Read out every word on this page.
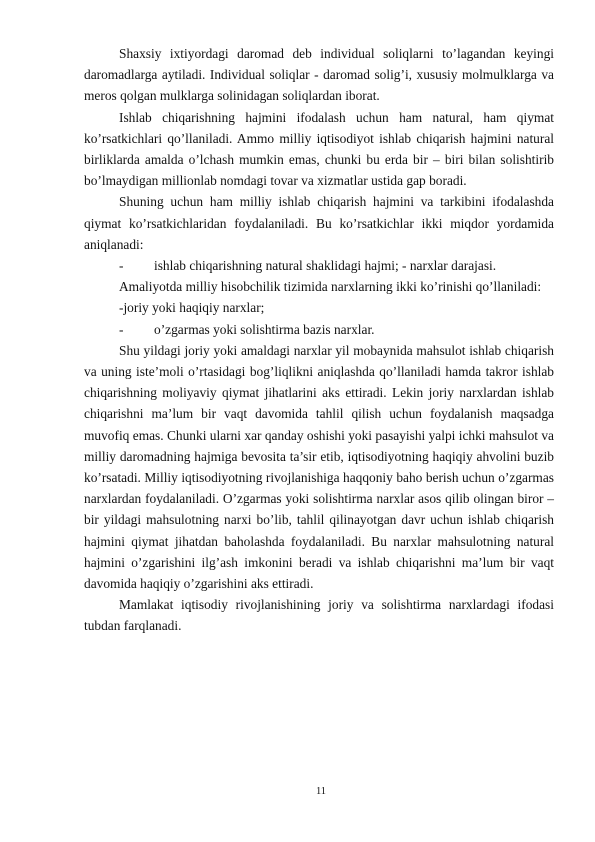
Shaxsiy ixtiyordagi daromad deb individual soliqlarni to’lagandan keyingi daromadlarga aytiladi. Individual soliqlar - daromad solig’i, xususiy molmulklarga va meros qolgan mulklarga solinidagan soliqlardan iborat.

Ishlab chiqarishning hajmini ifodalash uchun ham natural, ham qiymat ko’rsatkichlari qo’llaniladi. Ammo milliy iqtisodiyot ishlab chiqarish hajmini natural birliklarda amalda o’lchash mumkin emas, chunki bu erda bir – biri bilan solishtirib bo’lmaydigan millionlab nomdagi tovar va xizmatlar ustida gap boradi.

Shuning uchun ham milliy ishlab chiqarish hajmini va tarkibini ifodalashda qiymat ko’rsatkichlaridan foydalaniladi. Bu ko’rsatkichlar ikki miqdor yordamida aniqlanadi:

-	ishlab chiqarishning natural shaklidagi hajmi; - narxlar darajasi.

Amaliyotda milliy hisobchilik tizimida narxlarning ikki ko’rinishi qo’llaniladi:

-joriy yoki haqiqiy narxlar;

-	o’zgarmas yoki solishtirma bazis narxlar.

Shu yildagi joriy yoki amaldagi narxlar yil mobaynida mahsulot ishlab chiqarish va uning iste’moli o’rtasidagi bog’liqlikni aniqlashda qo’llaniladi hamda takror ishlab chiqarishning moliyaviy qiymat jihatlarini aks ettiradi. Lekin joriy narxlardan ishlab chiqarishni ma’lum bir vaqt davomida tahlil qilish uchun foydalanish maqsadga muvofiq emas. Chunki ularni xar qanday oshishi yoki pasayishi yalpi ichki mahsulot va milliy daromadning hajmiga bevosita ta’sir etib, iqtisodiyotning haqiqiy ahvolini buzib ko’rsatadi. Milliy iqtisodiyotning rivojlanishiga haqqoniy baho berish uchun o’zgarmas narxlardan foydalaniladi. O’zgarmas yoki solishtirma narxlar asos qilib olingan biror – bir yildagi mahsulotning narxi bo’lib, tahlil qilinayotgan davr uchun ishlab chiqarish hajmini qiymat jihatdan baholashda foydalaniladi. Bu narxlar mahsulotning natural hajmini o’zgarishini ilg’ash imkonini beradi va ishlab chiqarishni ma’lum bir vaqt davomida haqiqiy o’zgarishini aks ettiradi.

Mamlakat iqtisodiy rivojlanishining joriy va solishtirma narxlardagi ifodasi tubdan farqlanadi.

11
